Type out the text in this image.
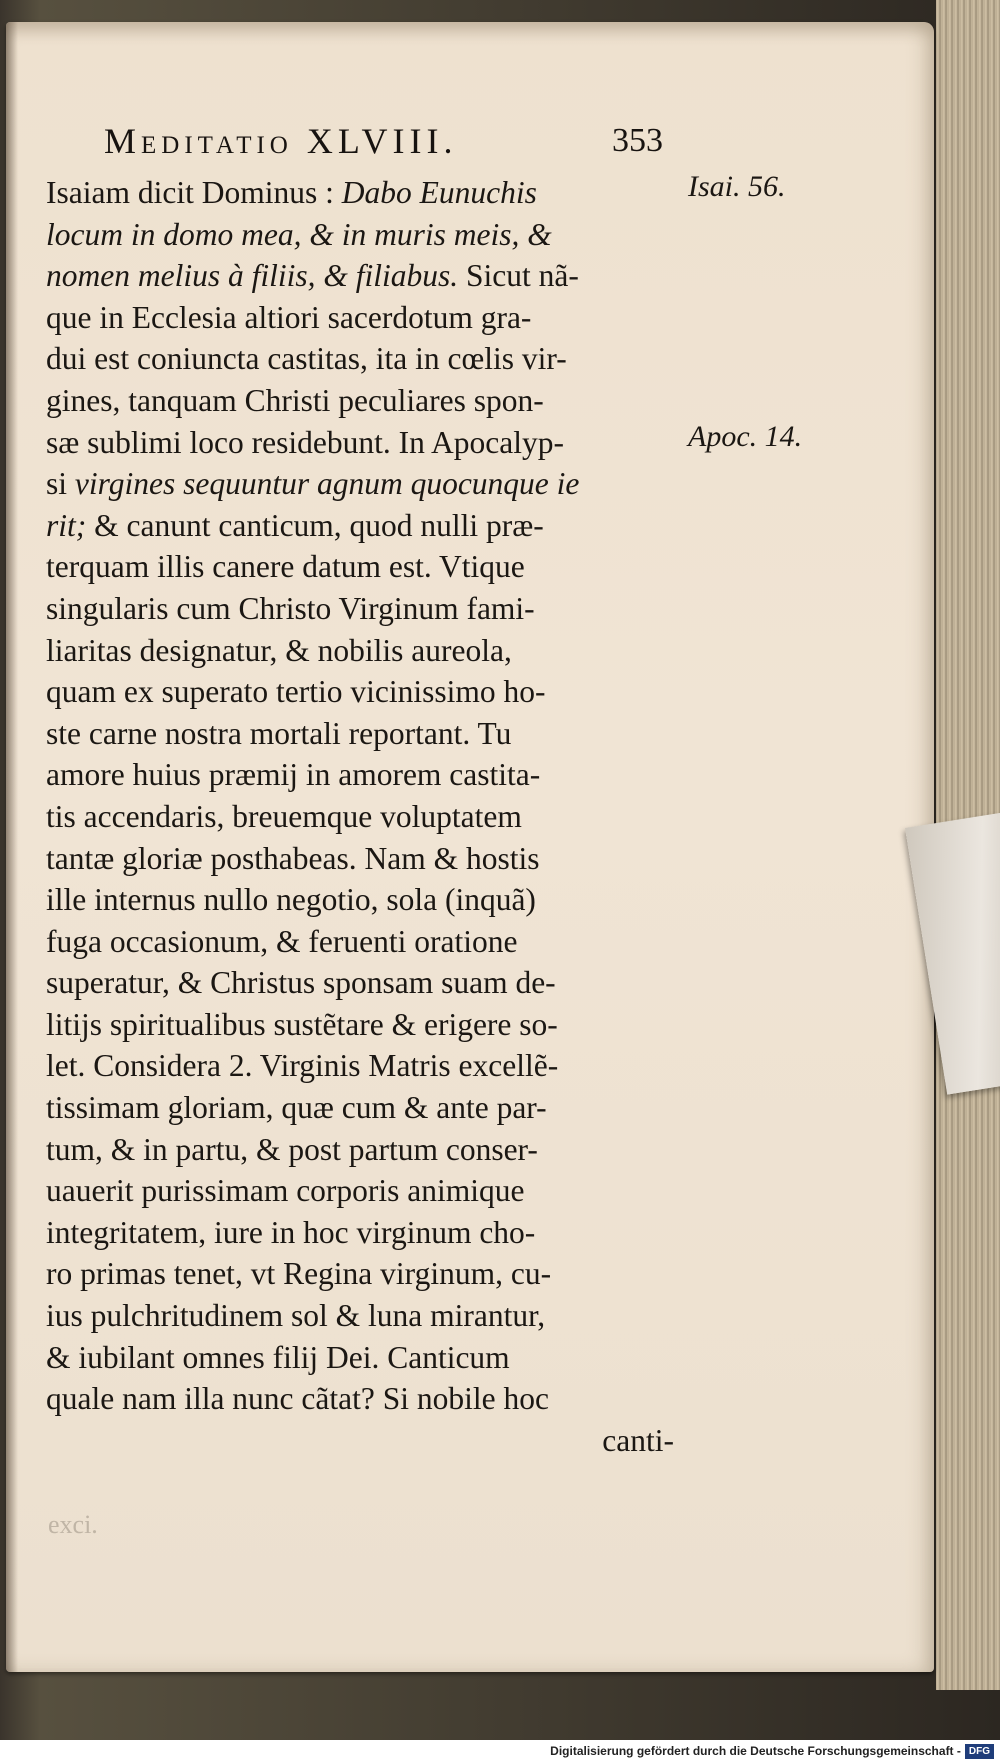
Meditatio XLVIII.	353
Isaiam dicit Dominus : Dabo Eunuchis
locum in domo mea, & in muris meis, &
nomen melius à filiis, & filiabus. Sicut nã-
que in Ecclesia altiori sacerdotum gra-
dui est coniuncta castitas, ita in cœlis vir-
gines, tanquam Christi peculiares spon-
sæ sublimi loco residebunt. In Apocalyp-
si virgines sequuntur agnum quocunque ie
rit; & canunt canticum, quod nulli præ-
terquam illis canere datum est. Vtique
singularis cum Christo Virginum fami-
liaritas designatur, & nobilis aureola,
quam ex superato tertio vicinissimo ho-
ste carne nostra mortali reportant. Tu
amore huius præmij in amorem castita-
tis accendaris, breuemque voluptatem
tantæ gloriæ posthabeas. Nam & hostis
ille internus nullo negotio, sola (inquã)
fuga occasionum, & feruenti oratione
superatur, & Christus sponsam suam de-
litijs spiritualibus sustẽtare & erigere so-
let. Considera 2. Virginis Matris excellẽ-
tissimam gloriam, quæ cum & ante par-
tum, & in partu, & post partum conser-
uauerit purissimam corporis animique
integritatem, iure in hoc virginum cho-
ro primas tenet, vt Regina virginum, cu-
ius pulchritudinem sol & luna mirantur,
& iubilant omnes filij Dei. Canticum
quale nam illa nunc cãtat? Si nobile hoc
canti-
Isai. 56.
Apoc. 14.
exci.
Digitalisierung gefördert durch die Deutsche Forschungsgemeinschaft - DFG
